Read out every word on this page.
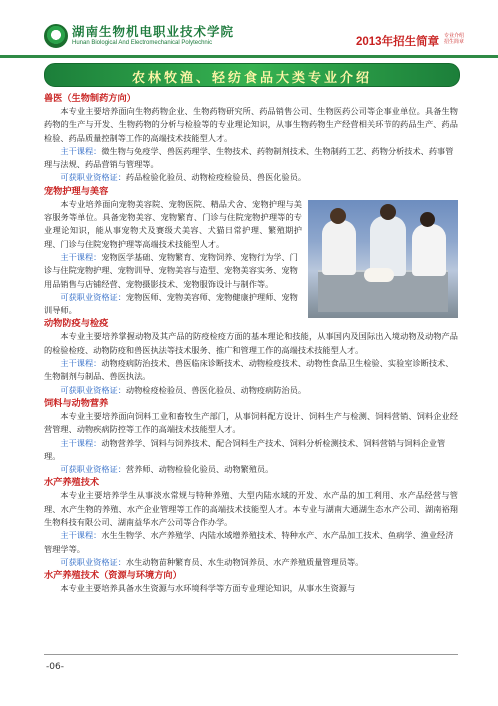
湖南生物机电职业技术学院
Hunan Biological And Electromechanical Polytechnic	2013年招生简章 专业介绍 招生简章
农林牧渔、轻纺食品大类专业介绍
兽医（生物制药方向）

本专业主要培养面向生物药物企业、生物药物研究所、药品销售公司、生物医药公司等企事业单位。具备生物药物的生产与开发、生物药物的分析与检验等的专业理论知识，从事生物药物生产经营相关环节的药品生产、药品检验、药品质量控制等工作的高端技术技能型人才。

主干课程：微生物与免疫学、兽医药理学、生物技术、药物制剂技术、生物制药工艺、药物分析技术、药事管理与法规、药品营销与管理等。

可获职业资格证：药品检验化验员、动物检疫检验员、兽医化验员。

宠物护理与美容

本专业培养面向宠物美容院、宠物医院、精品犬舍、宠物护理与美容服务等单位。具备宠物美容、宠物繁育、门诊与住院宠物护理等的专业理论知识，能从事宠物犬及赛级犬美容、犬猫日常护理、繁殖期护理、门诊与住院宠物护理等高端技术技能型人才。

主干课程：宠物医学基础、宠物繁育、宠物饲养、宠物行为学、门诊与住院宠物护理、宠物训导、宠物美容与造型、宠物美容实务、宠物用品销售与店铺经营、宠物摄影技术、宠物服饰设计与制作等。

可获职业资格证：宠物医师、宠物美容师、宠物健康护理师、宠物训导师。

动物防疫与检疫

本专业主要培养掌握动物及其产品的防疫检疫方面的基本理论和技能，从事国内及国际出入境动物及动物产品的检验检疫、动物防疫和兽医执法等技术服务、推广和管理工作的高端技术技能型人才。

主干课程：动物疫病防治技术、兽医临床诊断技术、动物检疫技术、动物性食品卫生检验、实验室诊断技术、生物制剂与制品、兽医执法。

可获职业资格证：动物检疫检验员、兽医化验员、动物疫病防治员。

饲料与动物营养

本专业主要培养面向饲料工业和畜牧生产部门，从事饲料配方设计、饲料生产与检测、饲料营销、饲料企业经营管理、动物疾病防控等工作的高端技术技能型人才。

主干课程：动物营养学、饲料与饲养技术、配合饲料生产技术、饲料分析检测技术、饲料营销与饲料企业管理。

可获职业资格证：营养师、动物检验化验员、动物繁殖员。

水产养殖技术

本专业主要培养学生从事淡水常规与特种养殖、大型内陆水域的开发、水产品的加工利用、水产品经营与管理、水产生物的养殖、水产企业管理等工作的高端技术技能型人才。本专业与湖南大通湖生态水产公司、湖南裕翔生物科技有限公司、湖南益华水产公司等合作办学。

主干课程：水生生物学、水产养殖学、内陆水域增养殖技术、特种水产、水产品加工技术、鱼病学、渔业经济管理学等。

可获职业资格证：水生动物苗种繁育员、水生动物饲养员、水产养殖质量管理员等。

水产养殖技术（资源与环境方向）

本专业主要培养具备水生资源与水环境科学等方面专业理论知识，从事水生资源与

-06-
